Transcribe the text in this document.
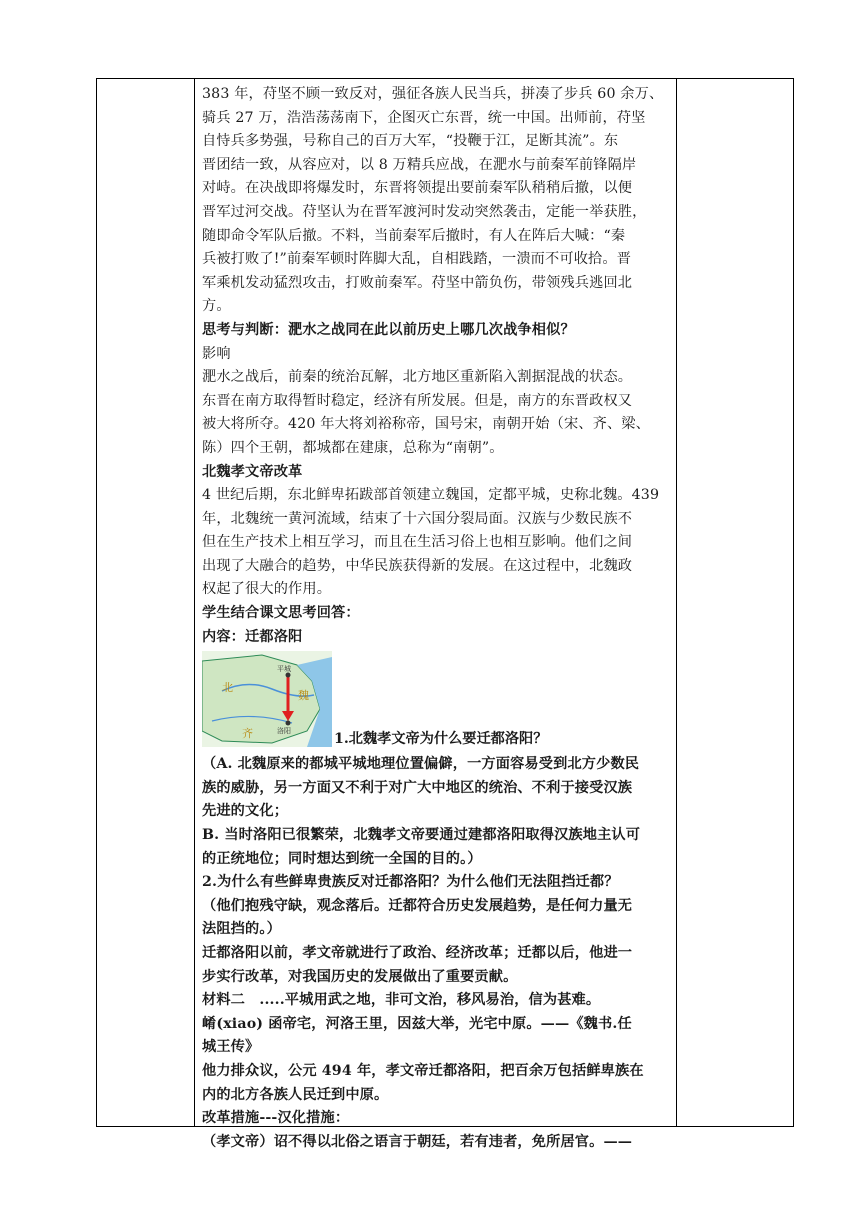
383 年，苻坚不顾一致反对，强征各族人民当兵，拼凑了步兵 60 余万、
骑兵 27 万，浩浩荡荡南下，企图灭亡东晋，统一中国。出师前，苻坚
自恃兵多势强，号称自己的百万大军，“投鞭于江，足断其流”。东
晋团结一致，从容应对，以 8 万精兵应战，在淝水与前秦军前锋隔岸
对峙。在决战即将爆发时，东晋将领提出要前秦军队稍稍后撤，以便
晋军过河交战。苻坚认为在晋军渡河时发动突然袭击，定能一举获胜，
随即命令军队后撤。不料，当前秦军后撤时，有人在阵后大喊：“秦
兵被打败了!”前秦军顿时阵脚大乱，自相践踏，一溃而不可收拾。晋
军乘机发动猛烈攻击，打败前秦军。苻坚中箭负伤，带领残兵逃回北
方。
思考与判断：淝水之战同在此以前历史上哪几次战争相似？
影响
淝水之战后，前秦的统治瓦解，北方地区重新陷入割据混战的状态。
东晋在南方取得暂时稳定，经济有所发展。但是，南方的东晋政权又
被大将所夺。420 年大将刘裕称帝，国号宋，南朝开始（宋、齐、梁、
陈）四个王朝，都城都在建康，总称为“南朝”。
北魏孝文帝改革
4 世纪后期，东北鲜卑拓跋部首领建立魏国，定都平城，史称北魏。439
年，北魏统一黄河流域，结束了十六国分裂局面。汉族与少数民族不
但在生产技术上相互学习，而且在生活习俗上也相互影响。他们之间
出现了大融合的趋势，中华民族获得新的发展。在这过程中，北魏政
权起了很大的作用。
学生结合课文思考回答：
内容：迁都洛阳
北
魏
平城
洛阳
齐	1.北魏孝文帝为什么要迁都洛阳？
（A. 北魏原来的都城平城地理位置偏僻，一方面容易受到北方少数民
族的威胁，另一方面又不利于对广大中地区的统治、不利于接受汉族
先进的文化；
B. 当时洛阳已很繁荣，北魏孝文帝要通过建都洛阳取得汉族地主认可
的正统地位；同时想达到统一全国的目的。）
2.为什么有些鲜卑贵族反对迁都洛阳？为什么他们无法阻挡迁都？
（他们抱残守缺，观念落后。迁都符合历史发展趋势，是任何力量无
法阻挡的。）
迁都洛阳以前，孝文帝就进行了政治、经济改革；迁都以后，他进一
步实行改革，对我国历史的发展做出了重要贡献。
材料二　.....平城用武之地，非可文治，移风易治，信为甚难。
崤(xiao) 函帝宅，河洛王里，因兹大举，光宅中原。——《魏书.任
城王传》
他力排众议，公元 494 年，孝文帝迁都洛阳，把百余万包括鲜卑族在
内的北方各族人民迁到中原。
改革措施---汉化措施：
（孝文帝）诏不得以北俗之语言于朝廷，若有违者，免所居官。——
